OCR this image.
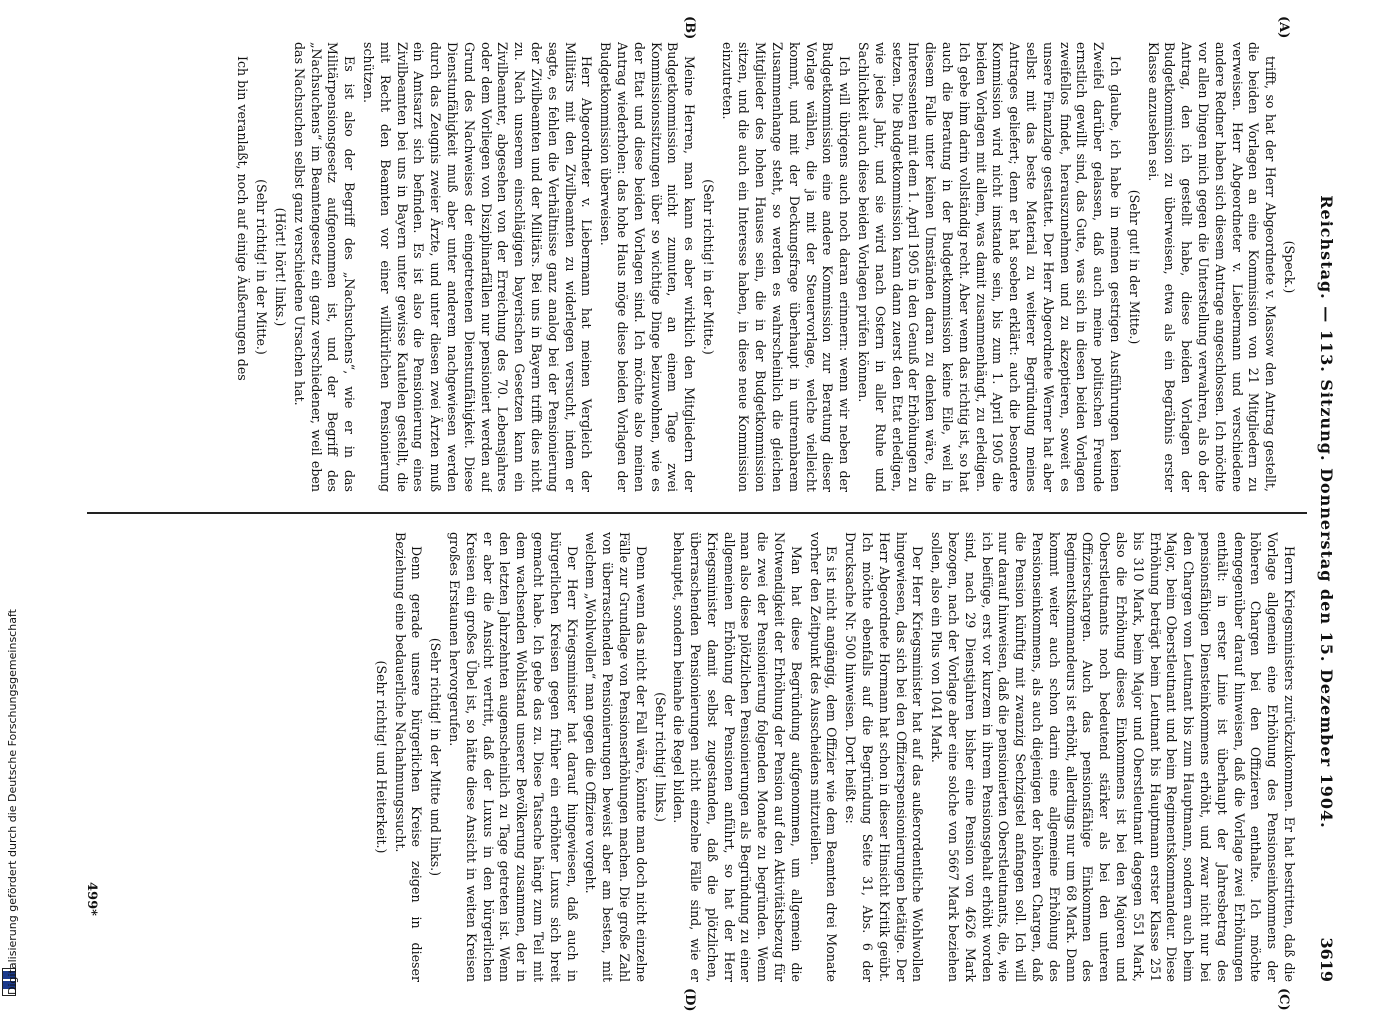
Reichstag. — 113. Sitzung. Donnerstag den 15. Dezember 1904.
3619

(Speck.)

trifft, so hat der Herr Abgeordnete v. Massow den Antrag gestellt, die beiden Vorlagen an eine Kommission von 21 Mitgliedern zu verweisen. Herr Abgeordneter v. Liebermann und verschiedene andere Redner haben sich diesem Antrage angeschlossen. Ich möchte vor allen Dingen mich gegen die Unterstellung verwahren, als ob der Antrag, den ich gestellt habe, diese beiden Vorlagen der Budgetkommission zu überweisen, etwa als ein Begräbnis erster Klasse anzusehen sei.

(Sehr gut! in der Mitte.)

Ich glaube, ich habe in meinen gestrigen Ausführungen keinen Zweifel darüber gelassen, daß auch meine politischen Freunde ernstlich gewillt sind, das Gute, was sich in diesen beiden Vorlagen zweifellos findet, herauszunehmen und zu akzeptieren, soweit es unsere Finanzlage gestattet. Der Herr Abgeordnete Werner hat aber selbst mit das beste Material zu weiterer Begründung meines Antrages geliefert; denn er hat soeben erklärt: auch die besondere Kommission wird nicht imstande sein, bis zum 1. April 1905 die beiden Vorlagen mit allem, was damit zusammenhängt, zu erledigen. Ich gebe ihm darin vollständig recht. Aber wenn das richtig ist, so hat auch die Beratung in der Budgetkommission keine Eile, weil in diesem Falle unter keinen Umständen daran zu denken wäre, die Interessenten mit dem 1. April 1905 in den Genuß der Erhöhungen zu setzen. Die Budgetkommission kann dann zuerst den Etat erledigen, wie jedes Jahr, und sie wird nach Ostern in aller Ruhe und Sachlichkeit auch diese beiden Vorlagen prüfen können.

Ich will übrigens auch noch daran erinnern: wenn wir neben der Budgetkommission eine andere Kommission zur Beratung dieser Vorlage wählen, die ja mit der Steuervorlage, welche vielleicht kommt, und mit der Deckungsfrage überhaupt in untrennbarem Zusammenhange steht, so werden es wahrscheinlich die gleichen Mitglieder des hohen Hauses sein, die in der Budgetkommission sitzen, und die auch ein Interesse haben, in diese neue Kommission einzutreten.

(Sehr richtig! in der Mitte.)

Meine Herren, man kann es aber wirklich den Mitgliedern der Budgetkommission nicht zumuten, an einem Tage zwei Kommissionssitzungen über so wichtige Dinge beizuwohnen, wie es der Etat und diese beiden Vorlagen sind. Ich möchte also meinen Antrag wiederholen: das hohe Haus möge diese beiden Vorlagen der Budgetkommission überweisen.

Herr Abgeordneter v. Liebermann hat meinen Vergleich der Militärs mit den Zivilbeamten zu widerlegen versucht, indem er sagte, es fehlen die Verhältnisse ganz analog bei der Pensionierung der Zivilbeamten und der Militärs. Bei uns in Bayern trifft dies nicht zu. Nach unserem einschlägigen bayerischen Gesetzen kann ein Zivilbeamter, abgesehen von der Erreichung des 70. Lebensjahres oder dem Vorliegen von Disziplinarfällen nur pensioniert werden auf Grund des Nachweises der eingetretenen Dienstunfähigkeit. Diese Dienstunfähigkeit muß aber unter anderem nachgewiesen werden durch das Zeugnis zweier Ärzte, und unter diesen zwei Ärzten muß ein Amtsarzt sich befinden. Es ist also die Pensionierung eines Zivilbeamten bei uns in Bayern unter gewisse Kautelen gestellt, die mit Recht den Beamten vor einer willkürlichen Pensionierung schützen.

Es ist also der Begriff des „Nachsuchens“, wie er in das Militärpensionsgesetz aufgenommen ist, und der Begriff des „Nachsuchens“ im Beamtengesetz ein ganz verschiedener, weil eben das Nachsuchen selbst ganz verschiedene Ursachen hat.

(Hört! hört! links.)

(Sehr richtig! in der Mitte.)

Ich bin veranlaßt, noch auf einige Äußerungen des

Herrn Kriegsministers zurückzukommen. Er hat bestritten, daß die Vorlage allgemein eine Erhöhung des Pensionseinkommens der höheren Chargen bei den Offizieren enthalte. Ich möchte demgegenüber darauf hinweisen, daß die Vorlage zwei Erhöhungen enthält: in erster Linie ist überhaupt der Jahresbetrag des pensionsfähigen Diensteinkommens erhöht, und zwar nicht nur bei den Chargen vom Leutnant bis zum Hauptmann, sondern auch beim Major, beim Oberstleutnant und beim Regimentskommandeur. Diese Erhöhung beträgt beim Leutnant bis Hauptmann erster Klasse 251 bis 310 Mark, beim Major und Oberstleutnant dagegen 551 Mark, also die Erhöhung dieses Einkommens ist bei den Majoren und Oberstleutnants noch bedeutend stärker als bei den unteren Offizierschargen. Auch das pensionsfähige Einkommen des Regimentskommandeurs ist erhöht, allerdings nur um 68 Mark. Dann kommt weiter auch schon darin eine allgemeine Erhöhung des Pensionseinkommens, als auch diejenigen der höheren Chargen, daß die Pension künftig mit zwanzig Sechzigstel anfangen soll. Ich will nur darauf hinweisen, daß die pensionierten Oberstleutnants, die, wie ich beifüge, erst vor kurzem in ihrem Pensionsgehalt erhöht worden sind, nach 29 Dienstjahren bisher eine Pension von 4626 Mark bezogen, nach der Vorlage aber eine solche von 5667 Mark beziehen sollen, also ein Plus von 1041 Mark.

Der Herr Kriegsminister hat auf das außerordentliche Wohlwollen hingewiesen, das sich bei den Offizierspensionierungen betätige. Der Herr Abgeordnete Hormann hat schon in dieser Hinsicht Kritik geübt. Ich möchte ebenfalls auf die Begründung Seite 31, Abs. 6 der Drucksache Nr. 500 hinweisen. Dort heißt es:

Es ist nicht angängig, dem Offizier wie dem Beamten drei Monate vorher den Zeitpunkt des Ausscheidens mitzuteilen.

Man hat diese Begründung aufgenommen, um allgemein die Notwendigkeit der Erhöhung der Pension auf den Aktivitätsbezug für die zwei der Pensionierung folgenden Monate zu begründen. Wenn man also diese plötzlichen Pensionierungen als Begründung zu einer allgemeinen Erhöhung der Pensionen anführt, so hat der Herr Kriegsminister damit selbst zugestanden, daß die plötzlichen, überraschenden Pensionierungen nicht einzelne Fälle sind, wie er behauptet, sondern beinahe die Regel bilden.

(Sehr richtig! links.)

Denn wenn das nicht der Fall wäre, könnte man doch nicht einzelne Fälle zur Grundlage von Pensionserhöhungen machen. Die große Zahl von überraschenden Pensionierungen beweist aber am besten, mit welchem „Wohlwollen“ man gegen die Offiziere vorgeht.

Der Herr Kriegsminister hat darauf hingewiesen, daß auch in bürgerlichen Kreisen gegen früher ein erhöhter Luxus sich breit gemacht habe. Ich gebe das zu. Diese Tatsache hängt zum Teil mit dem wachsenden Wohlstand unserer Bevölkerung zusammen, der in den letzten Jahrzehnten augenscheinlich zu Tage getreten ist. Wenn er aber die Ansicht vertritt, daß der Luxus in den bürgerlichen Kreisen ein großes Übel ist, so hätte diese Ansicht in weiten Kreisen großes Erstaunen hervorgerufen.

(Sehr richtig! in der Mitte und links.)

Denn gerade unsere bürgerlichen Kreise zeigen in dieser Beziehung eine bedauerliche Nachahmungssucht.

(Sehr richtig! und Heiterkeit.)

(A)
(B)
(C)
(D)
499*
Digitalisierung gefördert durch die Deutsche Forschungsgemeinschaft
